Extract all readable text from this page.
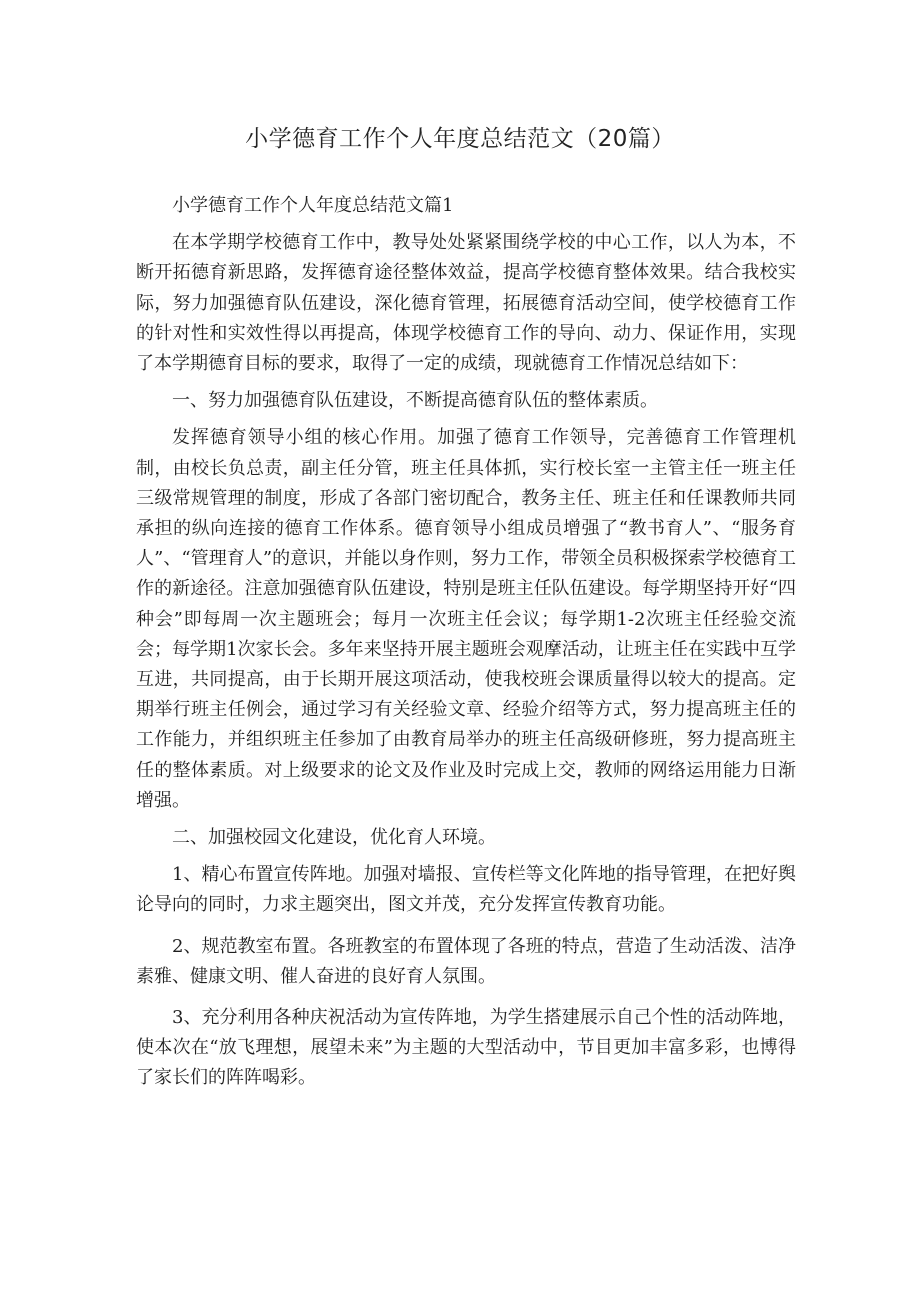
小学德育工作个人年度总结范文（20篇）

小学德育工作个人年度总结范文篇1

在本学期学校德育工作中，教导处处紧紧围绕学校的中心工作，以人为本，不断开拓德育新思路，发挥德育途径整体效益，提高学校德育整体效果。结合我校实际，努力加强德育队伍建设，深化德育管理，拓展德育活动空间，使学校德育工作的针对性和实效性得以再提高，体现学校德育工作的导向、动力、保证作用，实现了本学期德育目标的要求，取得了一定的成绩，现就德育工作情况总结如下：

一、努力加强德育队伍建设，不断提高德育队伍的整体素质。

发挥德育领导小组的核心作用。加强了德育工作领导，完善德育工作管理机制，由校长负总责，副主任分管，班主任具体抓，实行校长室一主管主任一班主任三级常规管理的制度，形成了各部门密切配合，教务主任、班主任和任课教师共同承担的纵向连接的德育工作体系。德育领导小组成员增强了“教书育人”、“服务育人”、“管理育人”的意识，并能以身作则，努力工作，带领全员积极探索学校德育工作的新途径。注意加强德育队伍建设，特别是班主任队伍建设。每学期坚持开好“四种会”即每周一次主题班会；每月一次班主任会议；每学期1-2次班主任经验交流会；每学期1次家长会。多年来坚持开展主题班会观摩活动，让班主任在实践中互学互进，共同提高，由于长期开展这项活动，使我校班会课质量得以较大的提高。定期举行班主任例会，通过学习有关经验文章、经验介绍等方式，努力提高班主任的工作能力，并组织班主任参加了由教育局举办的班主任高级研修班，努力提高班主任的整体素质。对上级要求的论文及作业及时完成上交，教师的网络运用能力日渐增强。

二、加强校园文化建设，优化育人环境。

1、精心布置宣传阵地。加强对墙报、宣传栏等文化阵地的指导管理，在把好舆论导向的同时，力求主题突出，图文并茂，充分发挥宣传教育功能。

2、规范教室布置。各班教室的布置体现了各班的特点，营造了生动活泼、洁净素雅、健康文明、催人奋进的良好育人氛围。

3、充分利用各种庆祝活动为宣传阵地，为学生搭建展示自己个性的活动阵地，使本次在“放飞理想，展望未来”为主题的大型活动中，节目更加丰富多彩，也博得了家长们的阵阵喝彩。
